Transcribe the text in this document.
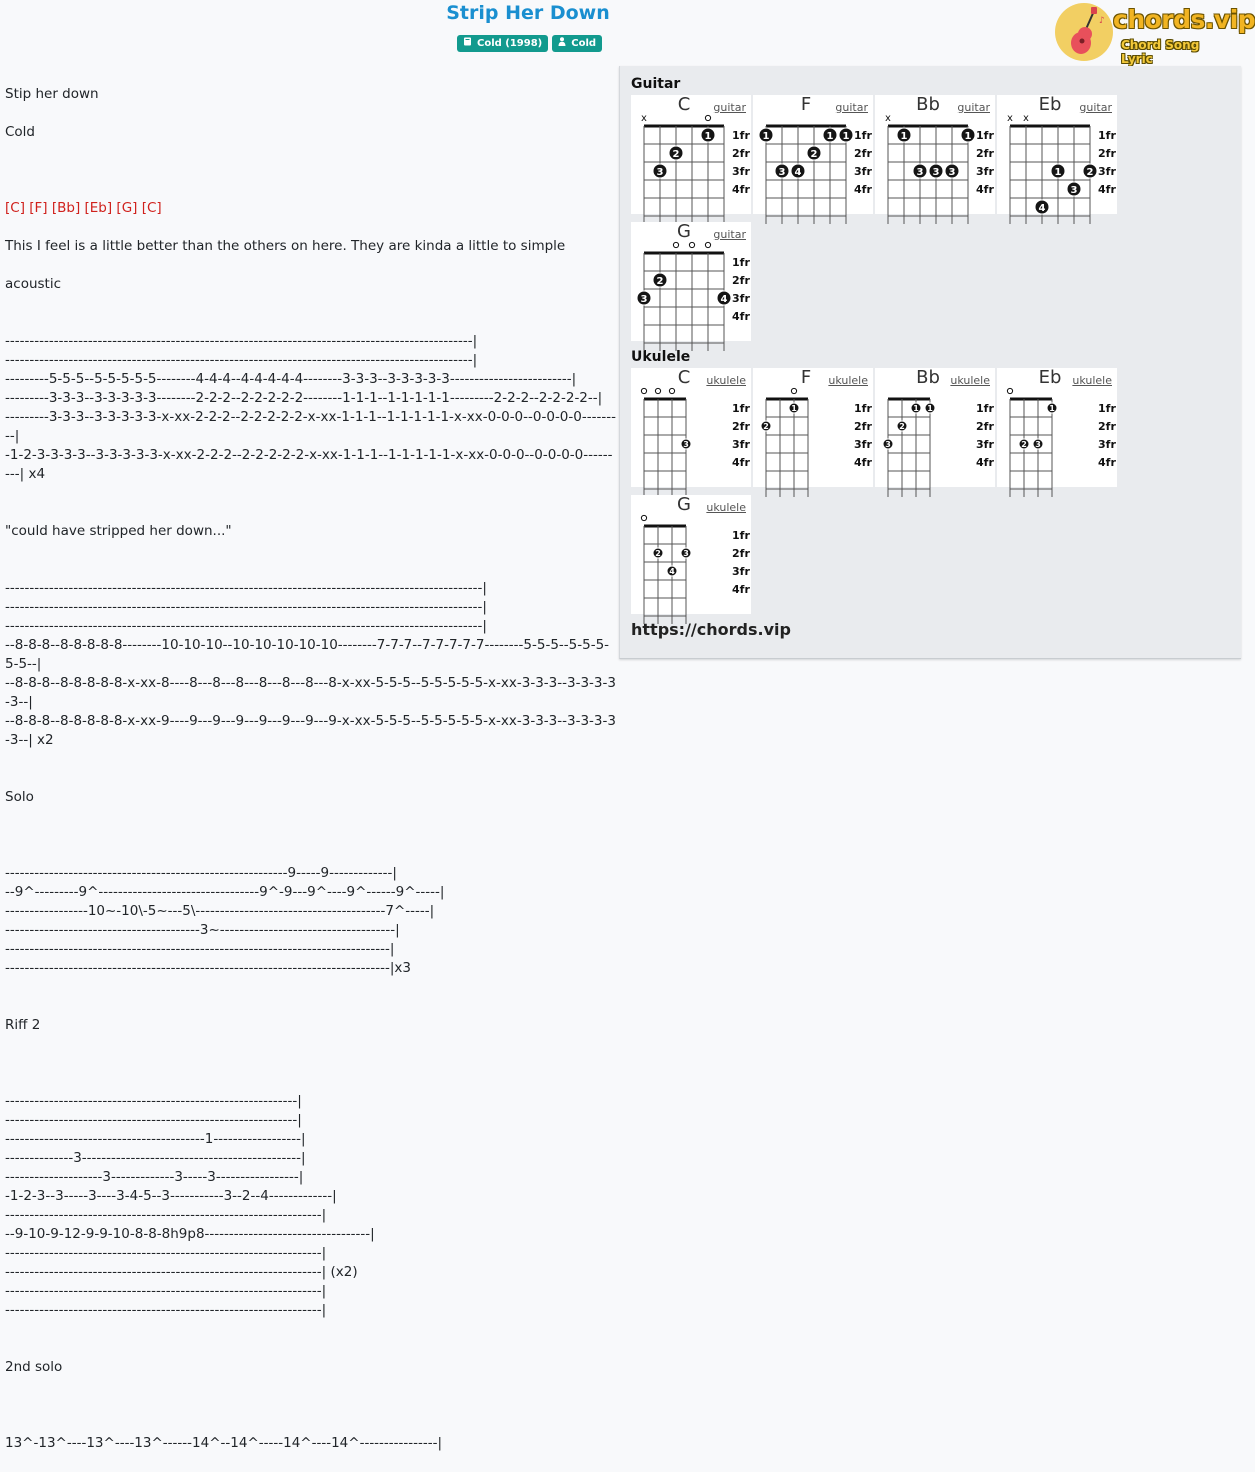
Strip Her Down
Cold (1998)	Cold
♪ chords.vip
Chord Song Lyric

Stip her down

Cold

[C] [F] [Bb] [Eb] [G] [C]

This I feel is a little better than the others on here. They are kinda a little to simple

acoustic

------------------------------------------------------------------------------------------------|
------------------------------------------------------------------------------------------------|
---------5-5-5--5-5-5-5-5--------4-4-4--4-4-4-4-4--------3-3-3--3-3-3-3-3-------------------------|
---------3-3-3--3-3-3-3-3--------2-2-2--2-2-2-2-2--------1-1-1--1-1-1-1-1---------2-2-2--2-2-2-2--|
---------3-3-3--3-3-3-3-3-x-xx-2-2-2--2-2-2-2-2-x-xx-1-1-1--1-1-1-1-1-x-xx-0-0-0--0-0-0-0---------|
-1-2-3-3-3-3--3-3-3-3-3-x-xx-2-2-2--2-2-2-2-2-x-xx-1-1-1--1-1-1-1-1-x-xx-0-0-0--0-0-0-0---------| x4

"could have stripped her down..."

--------------------------------------------------------------------------------------------------|
--------------------------------------------------------------------------------------------------|
--------------------------------------------------------------------------------------------------|
--8-8-8--8-8-8-8-8--------10-10-10--10-10-10-10-10--------7-7-7--7-7-7-7-7--------5-5-5--5-5-5-5-5--|
--8-8-8--8-8-8-8-8-x-xx-8----8---8---8---8---8---8---8-x-xx-5-5-5--5-5-5-5-5-x-xx-3-3-3--3-3-3-3-3--|
--8-8-8--8-8-8-8-8-x-xx-9----9---9---9---9---9---9---9-x-xx-5-5-5--5-5-5-5-5-x-xx-3-3-3--3-3-3-3-3--| x2

Solo

----------------------------------------------------------9-----9-------------|
--9^---------9^---------------------------------9^-9---9^----9^------9^-----|
-----------------10~-10\-5~---5\---------------------------------------7^-----|
----------------------------------------3~------------------------------------|
-------------------------------------------------------------------------------|
-------------------------------------------------------------------------------|x3

Riff 2

------------------------------------------------------------|
------------------------------------------------------------|
-----------------------------------------1------------------|
--------------3---------------------------------------------|
--------------------3-------------3-----3-----------------|
-1-2-3--3-----3----3-4-5--3-----------3--2--4-------------|
-----------------------------------------------------------------|
--9-10-9-12-9-9-10-8-8-8h9p8----------------------------------|
-----------------------------------------------------------------|
-----------------------------------------------------------------| (x2)
-----------------------------------------------------------------|
-----------------------------------------------------------------|

2nd solo

13^-13^----13^----13^------14^--14^-----14^----14^----------------|

Guitar
Ukulele
https://chords.vip
x
1fr
2fr
3fr
4fr
1
2
3
C	guitar
1fr
2fr
3fr
4fr
1
2
3 4
1 1
F	guitar
x
1fr
2fr
3fr
4fr
1
3 3 3
1
Bb	guitar
x x
1fr
2fr
3fr
4fr
4
1
3
2
Eb	guitar
1fr
2fr
3fr
4fr
2
3	4
G	guitar
1fr
2fr
3fr
4fr
3
C	ukulele
1fr
2fr
3fr
4fr
2
1
F	ukulele
1fr
2fr
3fr
4fr
3
2
1 1
Bb ukulele
1fr
2fr
3fr
4fr
2 3
1
Eb ukulele
1fr
2fr
3fr
4fr
2	3
4
G	ukulele
